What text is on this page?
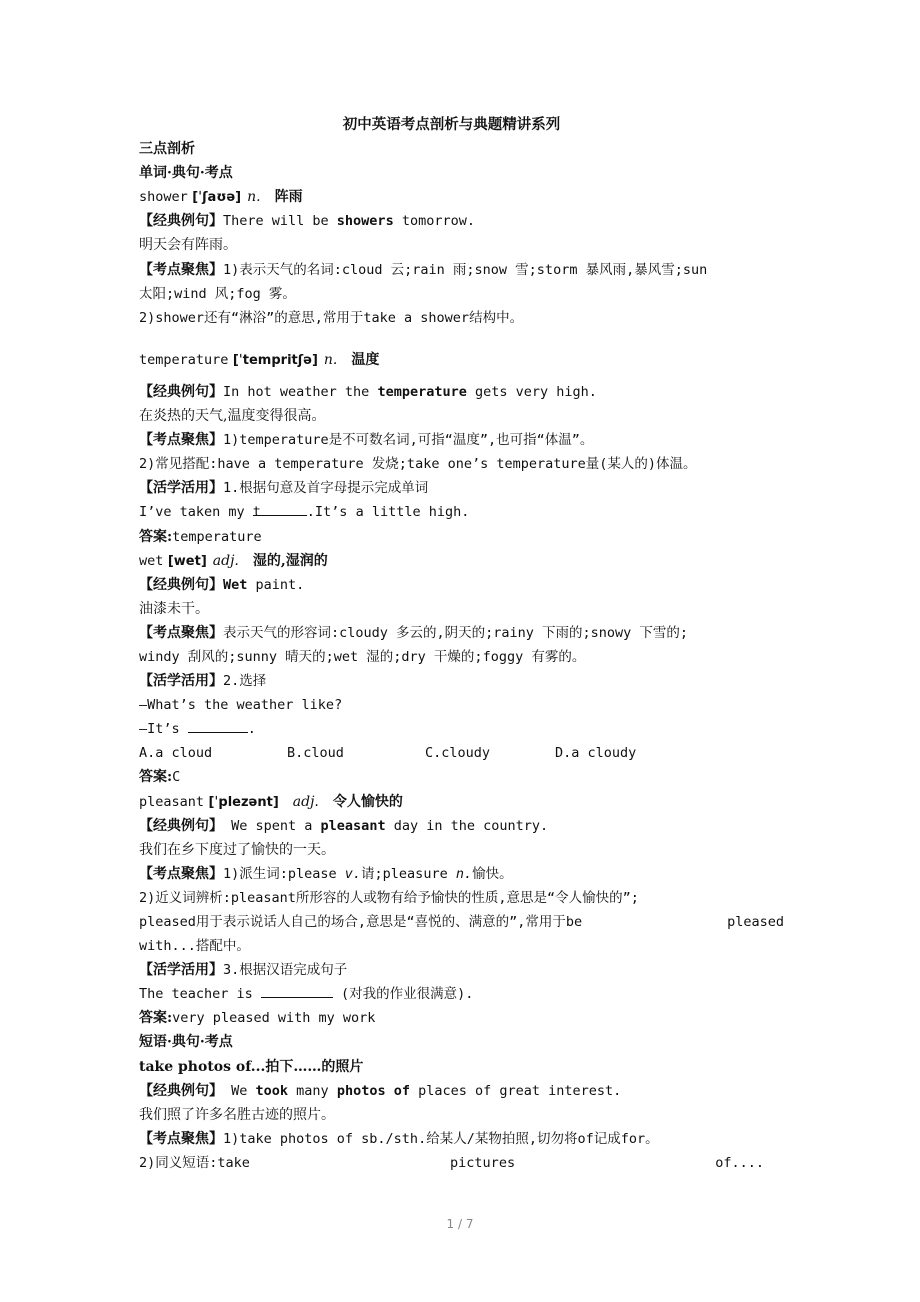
初中英语考点剖析与典题精讲系列
三点剖析
单词·典句·考点
shower [ˈʃaʊə] n. 阵雨
【经典例句】There will be showers tomorrow.
明天会有阵雨。
【考点聚焦】1)表示天气的名词:cloud 云;rain 雨;snow 雪;storm 暴风雨,暴风雪;sun
太阳;wind 风;fog 雾。
2)shower还有“淋浴”的意思,常用于take a shower结构中。
temperature [ˈtempritʃə] n. 温度
【经典例句】In hot weather the temperature gets very high.
在炎热的天气,温度变得很高。
【考点聚焦】1)temperature是不可数名词,可指“温度”,也可指“体温”。
2)常见搭配:have a temperature 发烧;take one’s temperature量(某人的)体温。
【活学活用】1.根据句意及首字母提示完成单词
I’ve taken my t	.It’s a little high.
答案:temperature
wet [wet] adj. 湿的,湿润的
【经典例句】Wet paint.
油漆未干。
【考点聚焦】表示天气的形容词:cloudy 多云的,阴天的;rainy 下雨的;snowy 下雪的;
windy 刮风的;sunny 晴天的;wet 湿的;dry 干燥的;foggy 有雾的。
【活学活用】2.选择
—What’s the weather like?
—It’s	.
A.a cloud	B.cloud	C.cloudy	D.a cloudy
答案:C
pleasant [ˈplezənt] adj. 令人愉快的
【经典例句】 We spent a pleasant day in the country.
我们在乡下度过了愉快的一天。
【考点聚焦】1)派生词:please v.请;pleasure n.愉快。
2)近义词辨析:pleasant所形容的人或物有给予愉快的性质,意思是“令人愉快的”;
pleased用于表示说话人自己的场合,意思是“喜悦的、满意的”,常用于be	pleased
with...搭配中。
【活学活用】3.根据汉语完成句子
The teacher is	(对我的作业很满意).
答案:very pleased with my work
短语·典句·考点
take photos of...拍下……的照片
【经典例句】 We took many photos of places of great interest.
我们照了许多名胜古迹的照片。
【考点聚焦】1)take photos of sb./sth.给某人/某物拍照,切勿将of记成for。
2)同义短语:take	pictures	of....
1 / 7
